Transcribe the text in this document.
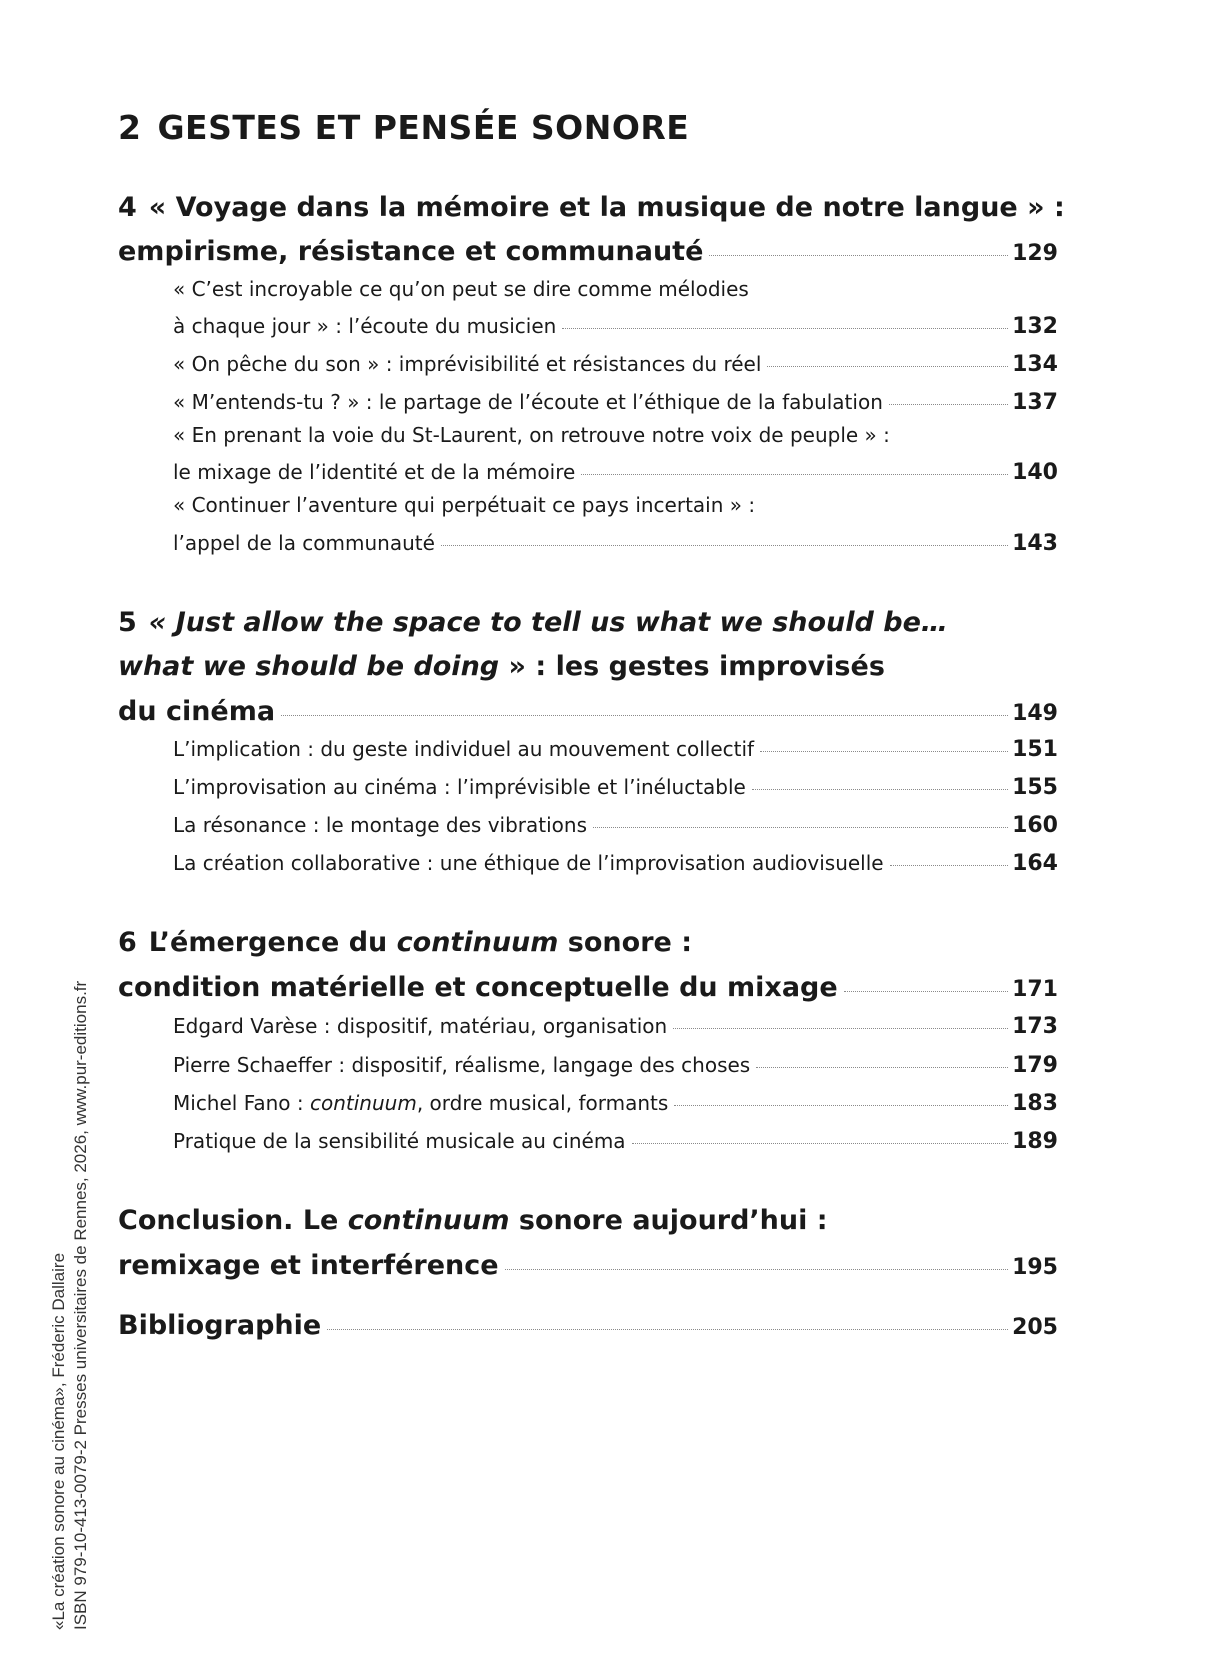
2 GESTES ET PENSÉE SONORE
4 « Voyage dans la mémoire et la musique de notre langue » :
empirisme, résistance et communauté	129
« C’est incroyable ce qu’on peut se dire comme mélodies
à chaque jour » : l’écoute du musicien	132
« On pêche du son » : imprévisibilité et résistances du réel	134
« M’entends-tu ? » : le partage de l’écoute et l’éthique de la fabulation	137
« En prenant la voie du St-Laurent, on retrouve notre voix de peuple » :
le mixage de l’identité et de la mémoire	140
« Continuer l’aventure qui perpétuait ce pays incertain » :
l’appel de la communauté	143
5 « Just allow the space to tell us what we should be…
what we should be doing » : les gestes improvisés
du cinéma	149
L’implication : du geste individuel au mouvement collectif	151
L’improvisation au cinéma : l’imprévisible et l’inéluctable	155
La résonance : le montage des vibrations	160
La création collaborative : une éthique de l’improvisation audiovisuelle	164
6 L’émergence du continuum sonore :
condition matérielle et conceptuelle du mixage	171
Edgard Varèse : dispositif, matériau, organisation	173
Pierre Schaeffer : dispositif, réalisme, langage des choses	179
Michel Fano : continuum, ordre musical, formants	183
Pratique de la sensibilité musicale au cinéma	189
Conclusion. Le continuum sonore aujourd’hui :
remixage et interférence	195
Bibliographie	205
«La création sonore au cinéma», Fréderic Dallaire ISBN 979-10-413-0079-2 Presses universitaires de Rennes, 2026, www.pur-editions.fr
